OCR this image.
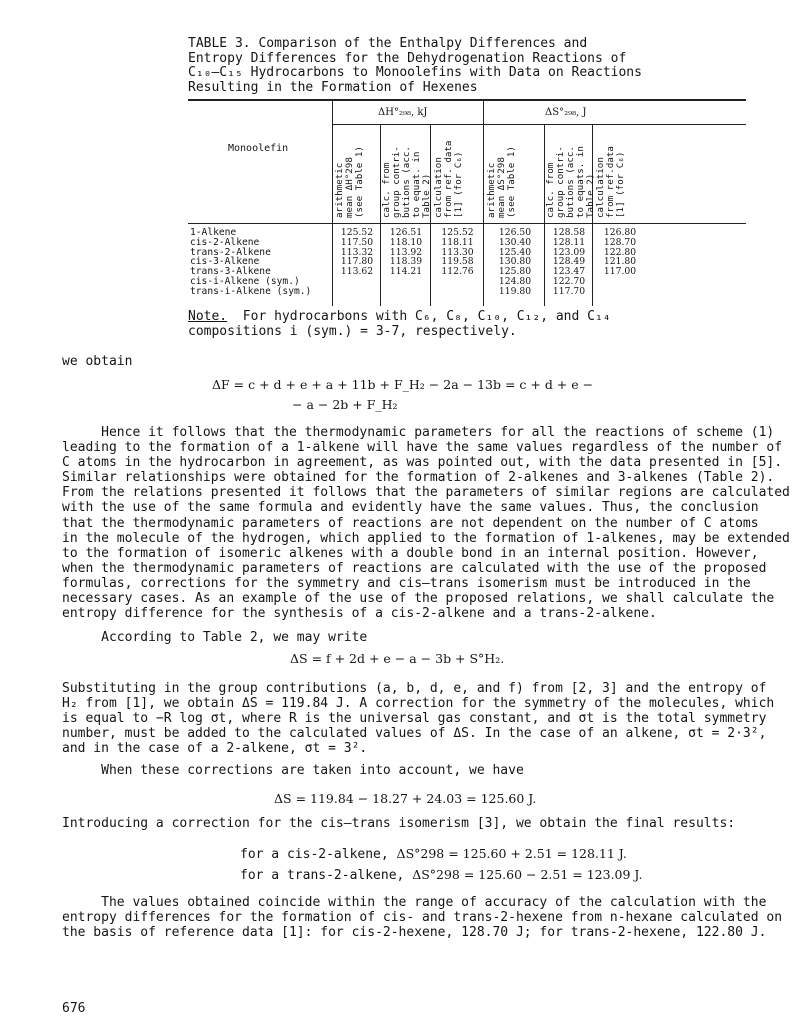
TABLE 3. Comparison of the Enthalpy Differences and
Entropy Differences for the Dehydrogenation Reactions of
C₁₀–C₁₅ Hydrocarbons to Monoolefins with Data on Reactions
Resulting in the Formation of Hexenes
ΔH°₂₉₈, kJ	ΔS°₂₉₈, J
Monoolefin
arithmetic mean ΔH°298 (see Table 1) calc. from group contri- butions (acc. to equat. in Table 2) calculation from ref. data [1] (for C₆) arithmetic mean ΔS°298 (see Table 1)	calc. from group contri- butions (acc. to equats. in Table 2) calculation from ref.data [1] (for C₆)
1-Alkene
cis-2-Alkene
trans-2-Alkene
cis-3-Alkene
trans-3-Alkene
cis-i-Alkene (sym.)
trans-i-Alkene (sym.)
125.52
117.50
113.32
117.80
113.62
126.51
118.10
113.92
118.39
114.21
125.52
118.11
113.30
119.58
112.76
126.50
130.40
125.40
130.80
125.80
124.80
119.80
128.58
128.11
123.09
128.49
123.47
122.70
117.70
126.80
128.70
122.80
121.80
117.00
Note.  For hydrocarbons with C₆, C₈, C₁₀, C₁₂, and C₁₄
compositions i (sym.) = 3-7, respectively.
we obtain
ΔF = c + d + e + a + 11b + F_H₂ − 2a − 13b = c + d + e −
− a − 2b + F_H₂
Hence it follows that the thermodynamic parameters for all the reactions of scheme (1)
leading to the formation of a 1-alkene will have the same values regardless of the number of
C atoms in the hydrocarbon in agreement, as was pointed out, with the data presented in [5].
Similar relationships were obtained for the formation of 2-alkenes and 3-alkenes (Table 2).
From the relations presented it follows that the parameters of similar regions are calculated
with the use of the same formula and evidently have the same values. Thus, the conclusion
that the thermodynamic parameters of reactions are not dependent on the number of C atoms
in the molecule of the hydrogen, which applied to the formation of 1-alkenes, may be extended
to the formation of isomeric alkenes with a double bond in an internal position. However,
when the thermodynamic parameters of reactions are calculated with the use of the proposed
formulas, corrections for the symmetry and cis–trans isomerism must be introduced in the
necessary cases. As an example of the use of the proposed relations, we shall calculate the
entropy difference for the synthesis of a cis-2-alkene and a trans-2-alkene.
According to Table 2, we may write
ΔS = f + 2d + e − a − 3b + S°H₂.
Substituting in the group contributions (a, b, d, e, and f) from [2, 3] and the entropy of
H₂ from [1], we obtain ΔS = 119.84 J. A correction for the symmetry of the molecules, which
is equal to −R log σt, where R is the universal gas constant, and σt is the total symmetry
number, must be added to the calculated values of ΔS. In the case of an alkene, σt = 2·3²,
and in the case of a 2-alkene, σt = 3².
When these corrections are taken into account, we have
ΔS = 119.84 − 18.27 + 24.03 = 125.60 J.
Introducing a correction for the cis–trans isomerism [3], we obtain the final results:
for a cis-2-alkene, ΔS°298 = 125.60 + 2.51 = 128.11 J.
for a trans-2-alkene, ΔS°298 = 125.60 − 2.51 = 123.09 J.
The values obtained coincide within the range of accuracy of the calculation with the
entropy differences for the formation of cis- and trans-2-hexene from n-hexane calculated on
the basis of reference data [1]: for cis-2-hexene, 128.70 J; for trans-2-hexene, 122.80 J.
676
